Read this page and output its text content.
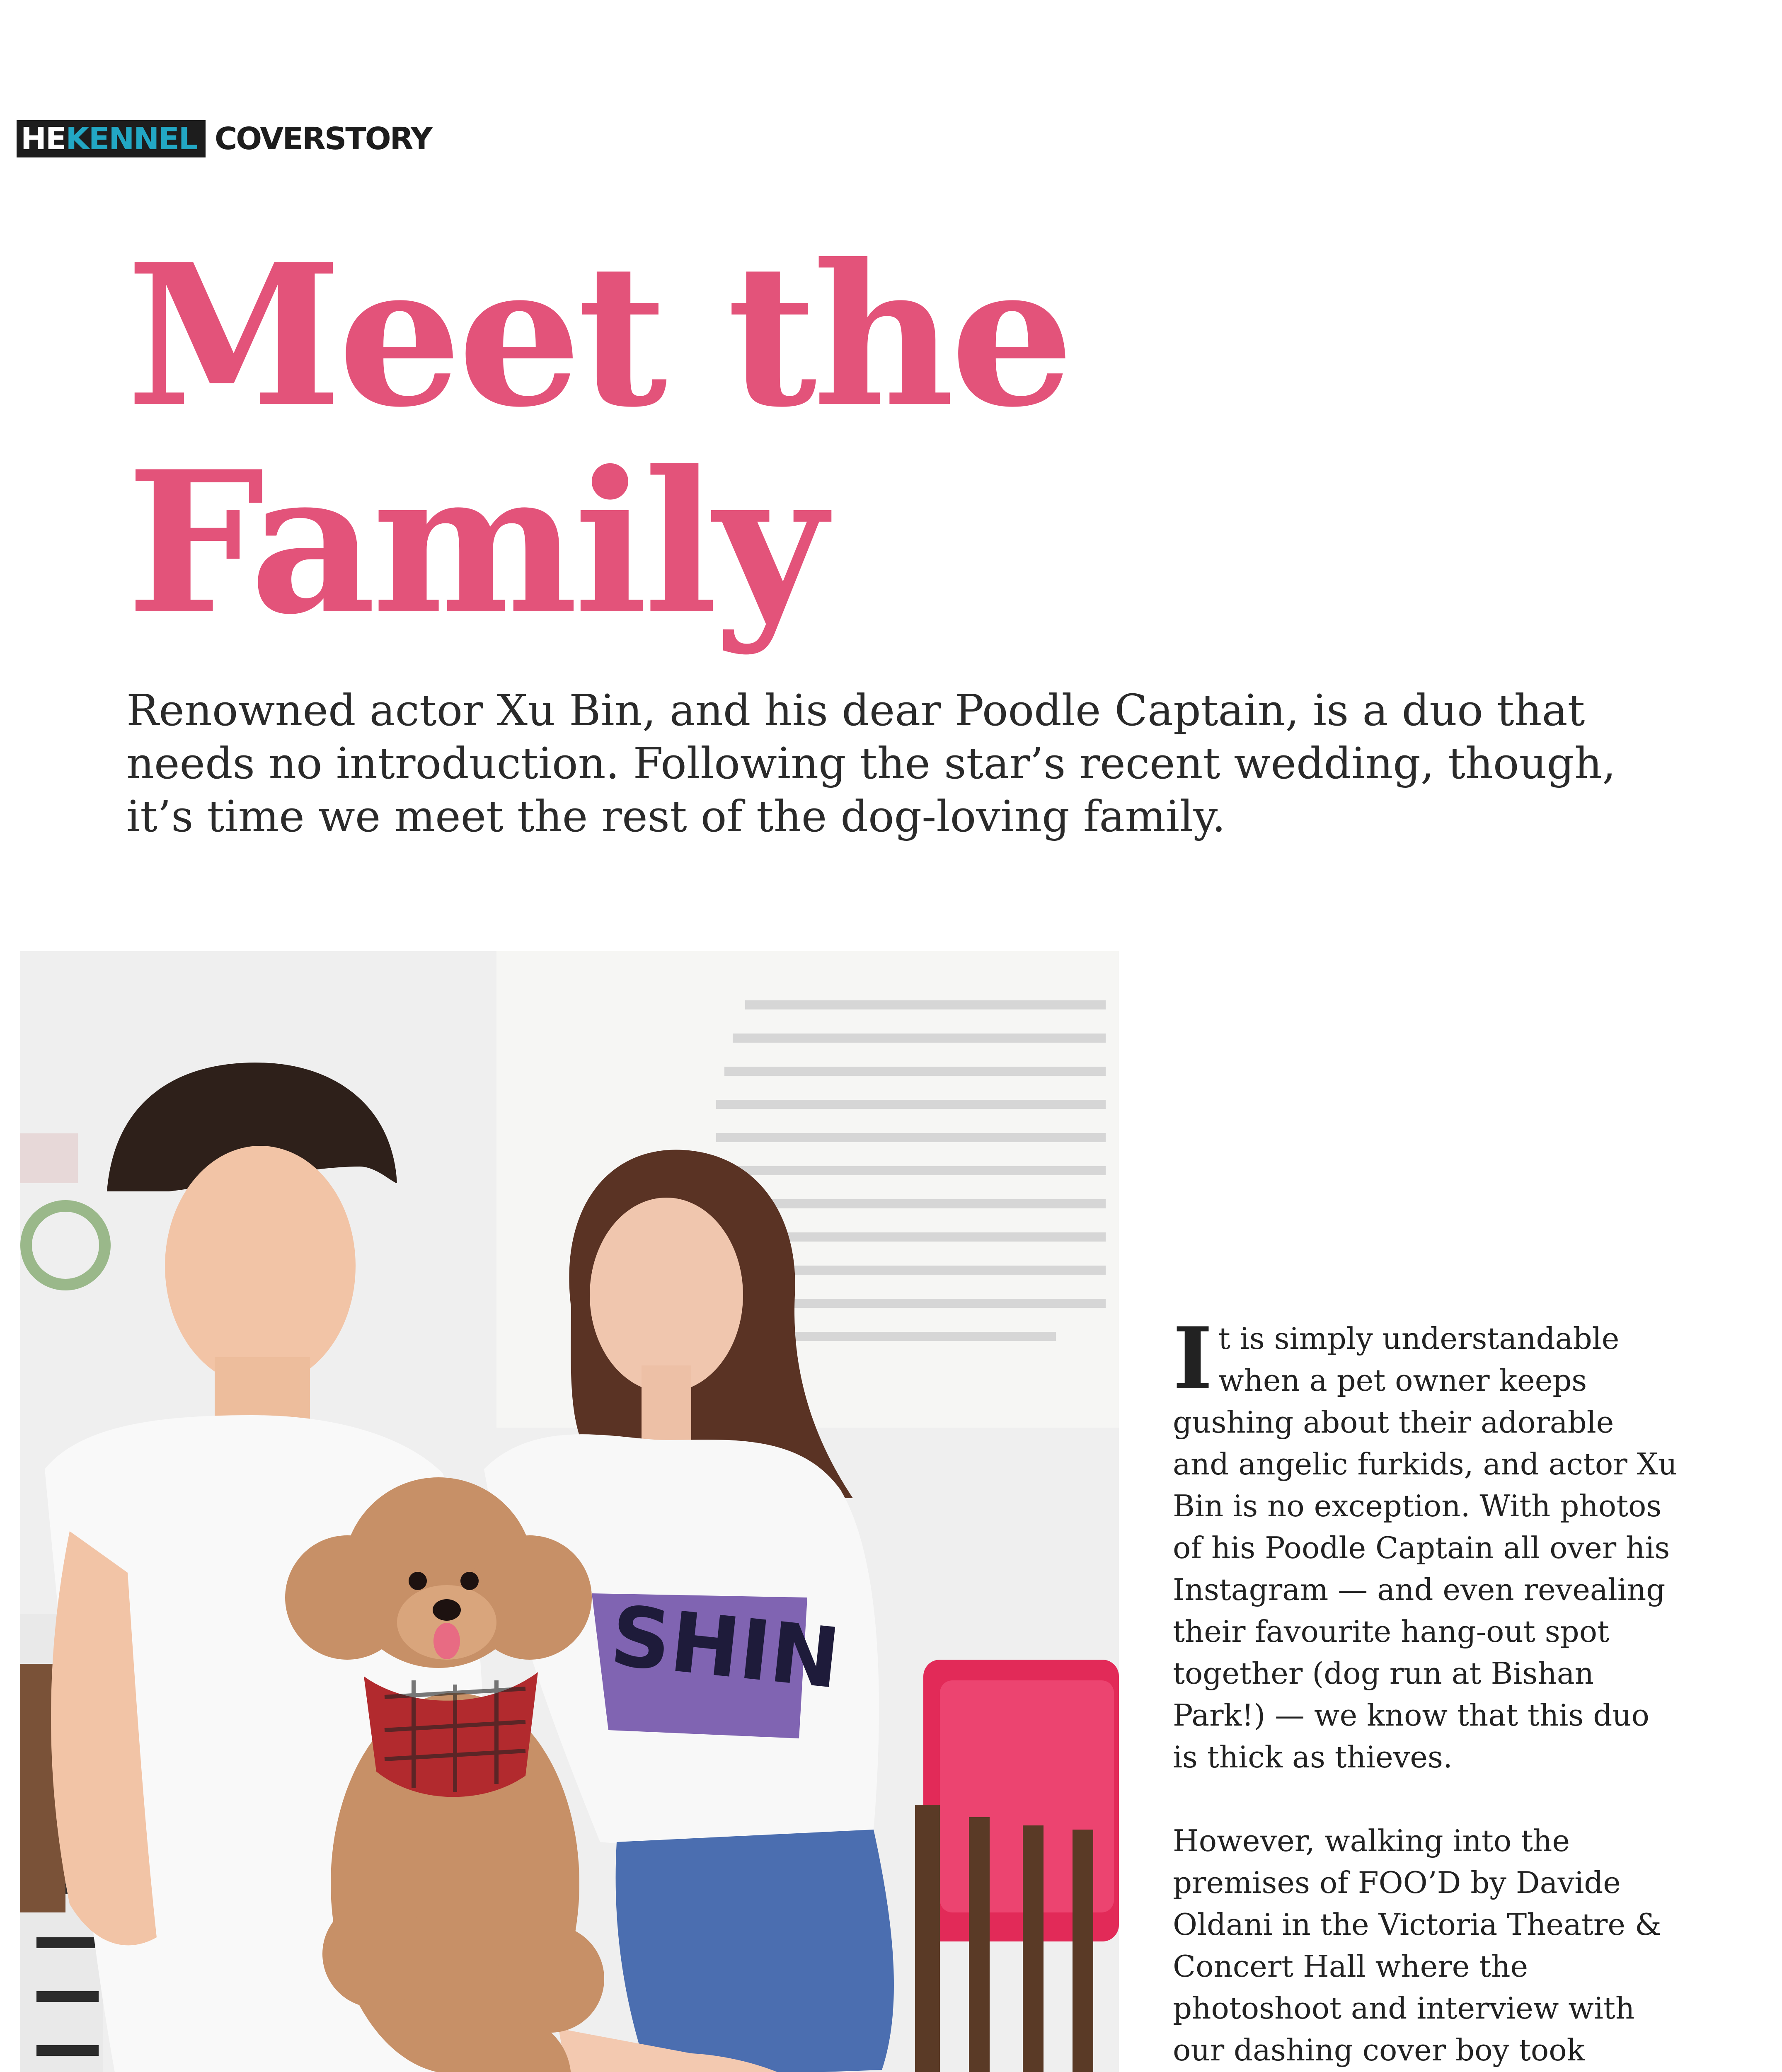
HE KENNEL COVERSTORY
Meet the
Family
Renowned actor Xu Bin, and his dear Poodle Captain, is a duo that needs no introduction. Following the star’s recent wedding, though, it’s time we meet the rest of the dog-loving family.
SHIN

It is simply understandable when a pet owner keeps gushing about their adorable and angelic furkids, and actor Xu Bin is no exception. With photos of his Poodle Captain all over his Instagram — and even revealing their favourite hang-out spot together (dog run at Bishan Park!) — we know that this duo is thick as thieves.

However, walking into the premises of FOO’D by Davide Oldani in the Victoria Theatre & Concert Hall where the photoshoot and interview with our dashing cover boy took
